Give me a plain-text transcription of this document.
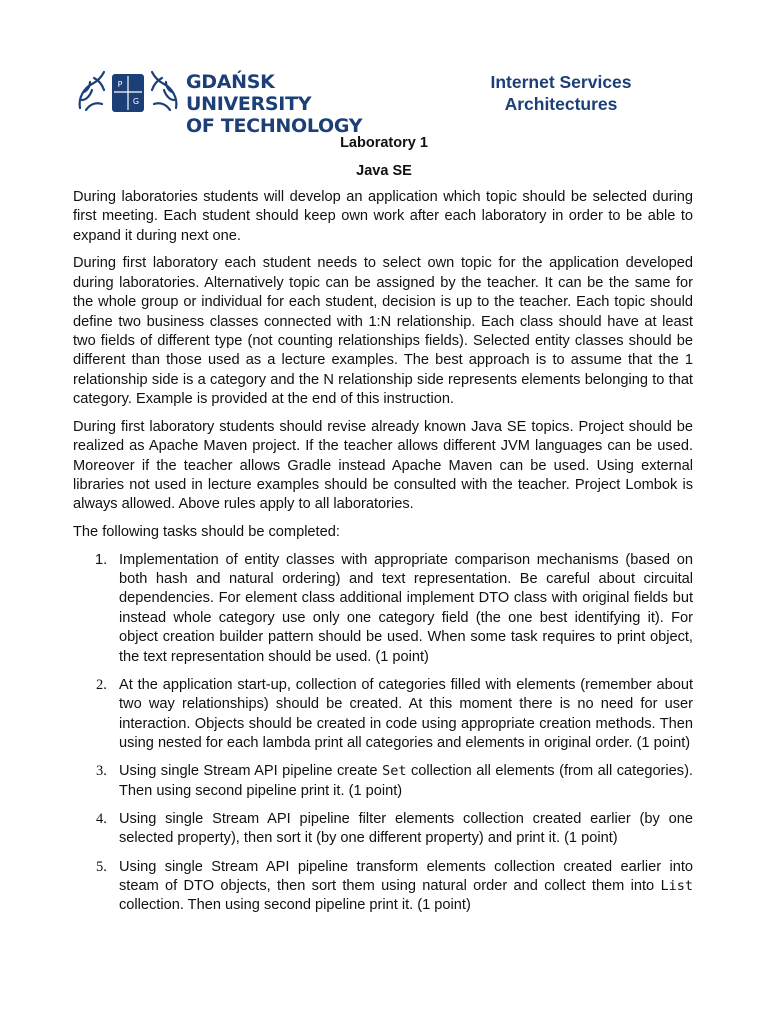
P
G
GDAŃSK UNIVERSITY
OF TECHNOLOGY
Internet Services
Architectures
Laboratory 1
Java SE

During laboratories students will develop an application which topic should be selected during first meeting. Each student should keep own work after each laboratory in order to be able to expand it during next one.

During first laboratory each student needs to select own topic for the application developed during laboratories. Alternatively topic can be assigned by the teacher. It can be the same for the whole group or individual for each student, decision is up to the teacher. Each topic should define two business classes connected with 1:N relationship. Each class should have at least two fields of different type (not counting relationships fields). Selected entity classes should be different than those used as a lecture examples. The best approach is to assume that the 1 relationship side is a category and the N relationship side represents elements belonging to that category. Example is provided at the end of this instruction.

During first laboratory students should revise already known Java SE topics. Project should be realized as Apache Maven project. If the teacher allows different JVM languages can be used. Moreover if the teacher allows Gradle instead Apache Maven can be used. Using external libraries not used in lecture examples should be consulted with the teacher. Project Lombok is always allowed. Above rules apply to all laboratories.

The following tasks should be completed:

1. Implementation of entity classes with appropriate comparison mechanisms (based on both hash and natural ordering) and text representation. Be careful about circuital dependencies. For element class additional implement DTO class with original fields but instead whole category use only one category field (the one best identifying it). For object creation builder pattern should be used. When some task requires to print object, the text representation should be used. (1 point)
2. At the application start-up, collection of categories filled with elements (remember about two way relationships) should be created. At this moment there is no need for user interaction. Objects should be created in code using appropriate creation methods. Then using nested for each lambda print all categories and elements in original order. (1 point)
3. Using single Stream API pipeline create Set collection all elements (from all categories). Then using second pipeline print it. (1 point)
4. Using single Stream API pipeline filter elements collection created earlier (by one selected property), then sort it (by one different property) and print it. (1 point)
5. Using single Stream API pipeline transform elements collection created earlier into steam of DTO objects, then sort them using natural order and collect them into List collection. Then using second pipeline print it. (1 point)
